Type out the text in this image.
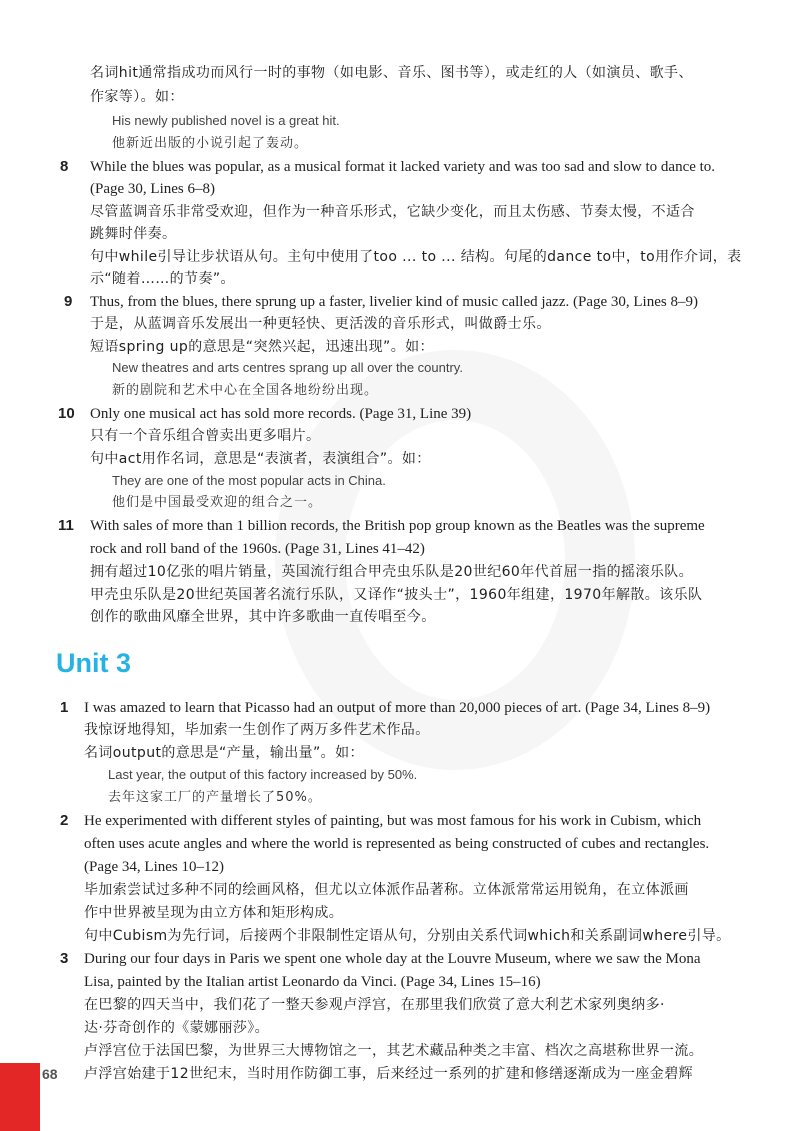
名词hit通常指成功而风行一时的事物（如电影、音乐、图书等），或走红的人（如演员、歌手、
作家等）。如：
His newly published novel is a great hit.
他新近出版的小说引起了轰动。
8 While the blues was popular, as a musical format it lacked variety and was too sad and slow to dance to.
(Page 30, Lines 6–8)
尽管蓝调音乐非常受欢迎，但作为一种音乐形式，它缺少变化，而且太伤感、节奏太慢，不适合
跳舞时伴奏。
句中while引导让步状语从句。主句中使用了too ... to ... 结构。句尾的dance to中，to用作介词，表
示“随着……的节奏”。
9 Thus, from the blues, there sprung up a faster, livelier kind of music called jazz. (Page 30, Lines 8–9)
于是，从蓝调音乐发展出一种更轻快、更活泼的音乐形式，叫做爵士乐。
短语spring up的意思是“突然兴起，迅速出现”。如：
New theatres and arts centres sprang up all over the country.
新的剧院和艺术中心在全国各地纷纷出现。
10 Only one musical act has sold more records. (Page 31, Line 39)
只有一个音乐组合曾卖出更多唱片。
句中act用作名词，意思是“表演者，表演组合”。如：
They are one of the most popular acts in China.
他们是中国最受欢迎的组合之一。
11 With sales of more than 1 billion records, the British pop group known as the Beatles was the supreme
rock and roll band of the 1960s. (Page 31, Lines 41–42)
拥有超过10亿张的唱片销量，英国流行组合甲壳虫乐队是20世纪60年代首屈一指的摇滚乐队。
甲壳虫乐队是20世纪英国著名流行乐队，又译作“披头士”，1960年组建，1970年解散。该乐队
创作的歌曲风靡全世界，其中许多歌曲一直传唱至今。
Unit 3
1 I was amazed to learn that Picasso had an output of more than 20,000 pieces of art. (Page 34, Lines 8–9)
我惊讶地得知，毕加索一生创作了两万多件艺术作品。
名词output的意思是“产量，输出量”。如：
Last year, the output of this factory increased by 50%.
去年这家工厂的产量增长了50%。
2 He experimented with different styles of painting, but was most famous for his work in Cubism, which
often uses acute angles and where the world is represented as being constructed of cubes and rectangles.
(Page 34, Lines 10–12)
毕加索尝试过多种不同的绘画风格，但尤以立体派作品著称。立体派常常运用锐角，在立体派画
作中世界被呈现为由立方体和矩形构成。
句中Cubism为先行词，后接两个非限制性定语从句，分别由关系代词which和关系副词where引导。
3 During our four days in Paris we spent one whole day at the Louvre Museum, where we saw the Mona
Lisa, painted by the Italian artist Leonardo da Vinci. (Page 34, Lines 15–16)
在巴黎的四天当中，我们花了一整天参观卢浮宫，在那里我们欣赏了意大利艺术家列奥纳多·
达·芬奇创作的《蒙娜丽莎》。
卢浮宫位于法国巴黎，为世界三大博物馆之一，其艺术藏品种类之丰富、档次之高堪称世界一流。
卢浮宫始建于12世纪末，当时用作防御工事，后来经过一系列的扩建和修缮逐渐成为一座金碧辉
68
